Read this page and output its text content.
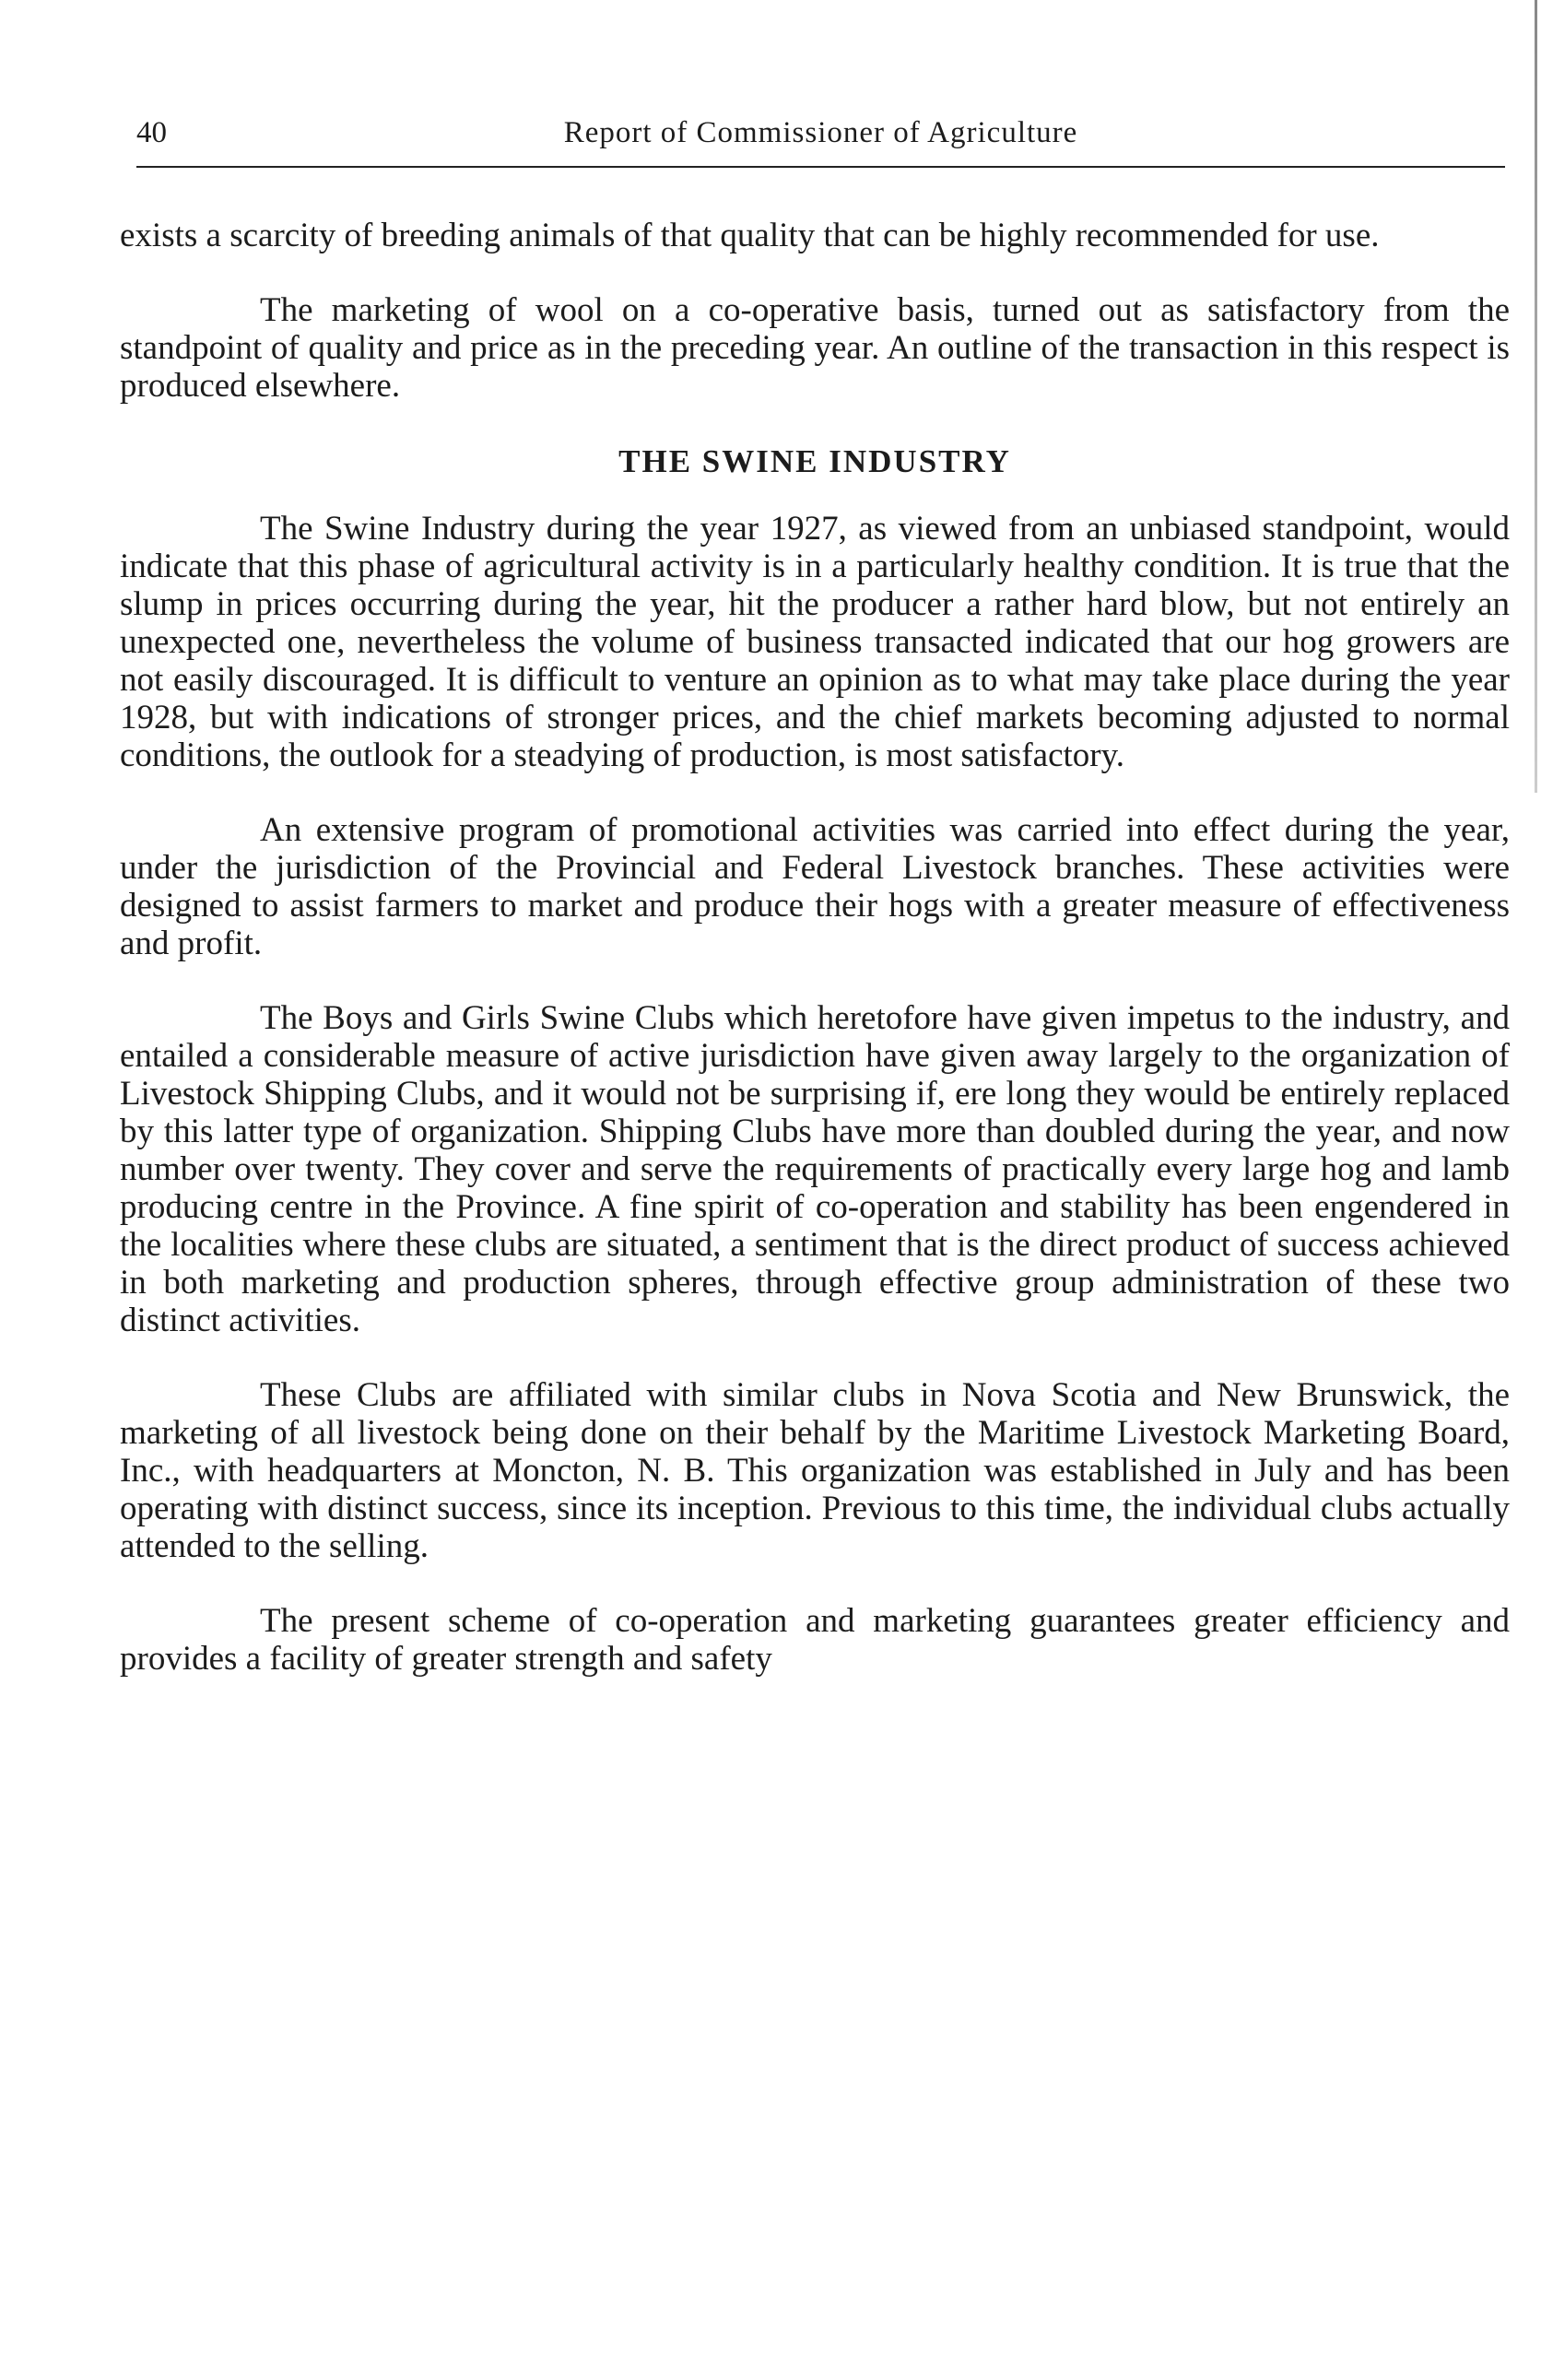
40	Report of Commissioner of Agriculture

exists a scarcity of breeding animals of that quality that can be highly recommended for use.

The marketing of wool on a co-operative basis, turned out as satisfactory from the standpoint of quality and price as in the preceding year. An outline of the transaction in this respect is produced elsewhere.

THE SWINE INDUSTRY

The Swine Industry during the year 1927, as viewed from an unbiased standpoint, would indicate that this phase of agricultural activity is in a particularly healthy condition. It is true that the slump in prices occurring during the year, hit the producer a rather hard blow, but not entirely an unexpected one, nevertheless the volume of business transacted indicated that our hog growers are not easily discouraged. It is difficult to venture an opinion as to what may take place during the year 1928, but with indications of stronger prices, and the chief markets becoming adjusted to normal conditions, the outlook for a steadying of production, is most satisfactory.

An extensive program of promotional activities was carried into effect during the year, under the jurisdiction of the Provincial and Federal Livestock branches. These activities were designed to assist farmers to market and produce their hogs with a greater measure of effectiveness and profit.

The Boys and Girls Swine Clubs which heretofore have given impetus to the industry, and entailed a considerable measure of active jurisdiction have given away largely to the organization of Livestock Shipping Clubs, and it would not be surprising if, ere long they would be entirely replaced by this latter type of organization. Shipping Clubs have more than doubled during the year, and now number over twenty. They cover and serve the requirements of practically every large hog and lamb producing centre in the Province. A fine spirit of co-operation and stability has been engendered in the localities where these clubs are situated, a sentiment that is the direct product of success achieved in both marketing and production spheres, through effective group administration of these two distinct activities.

These Clubs are affiliated with similar clubs in Nova Scotia and New Brunswick, the marketing of all livestock being done on their behalf by the Maritime Livestock Marketing Board, Inc., with headquarters at Moncton, N. B. This organization was established in July and has been operating with distinct success, since its inception. Previous to this time, the individual clubs actually attended to the selling.

The present scheme of co-operation and marketing guarantees greater efficiency and provides a facility of greater strength and safety
